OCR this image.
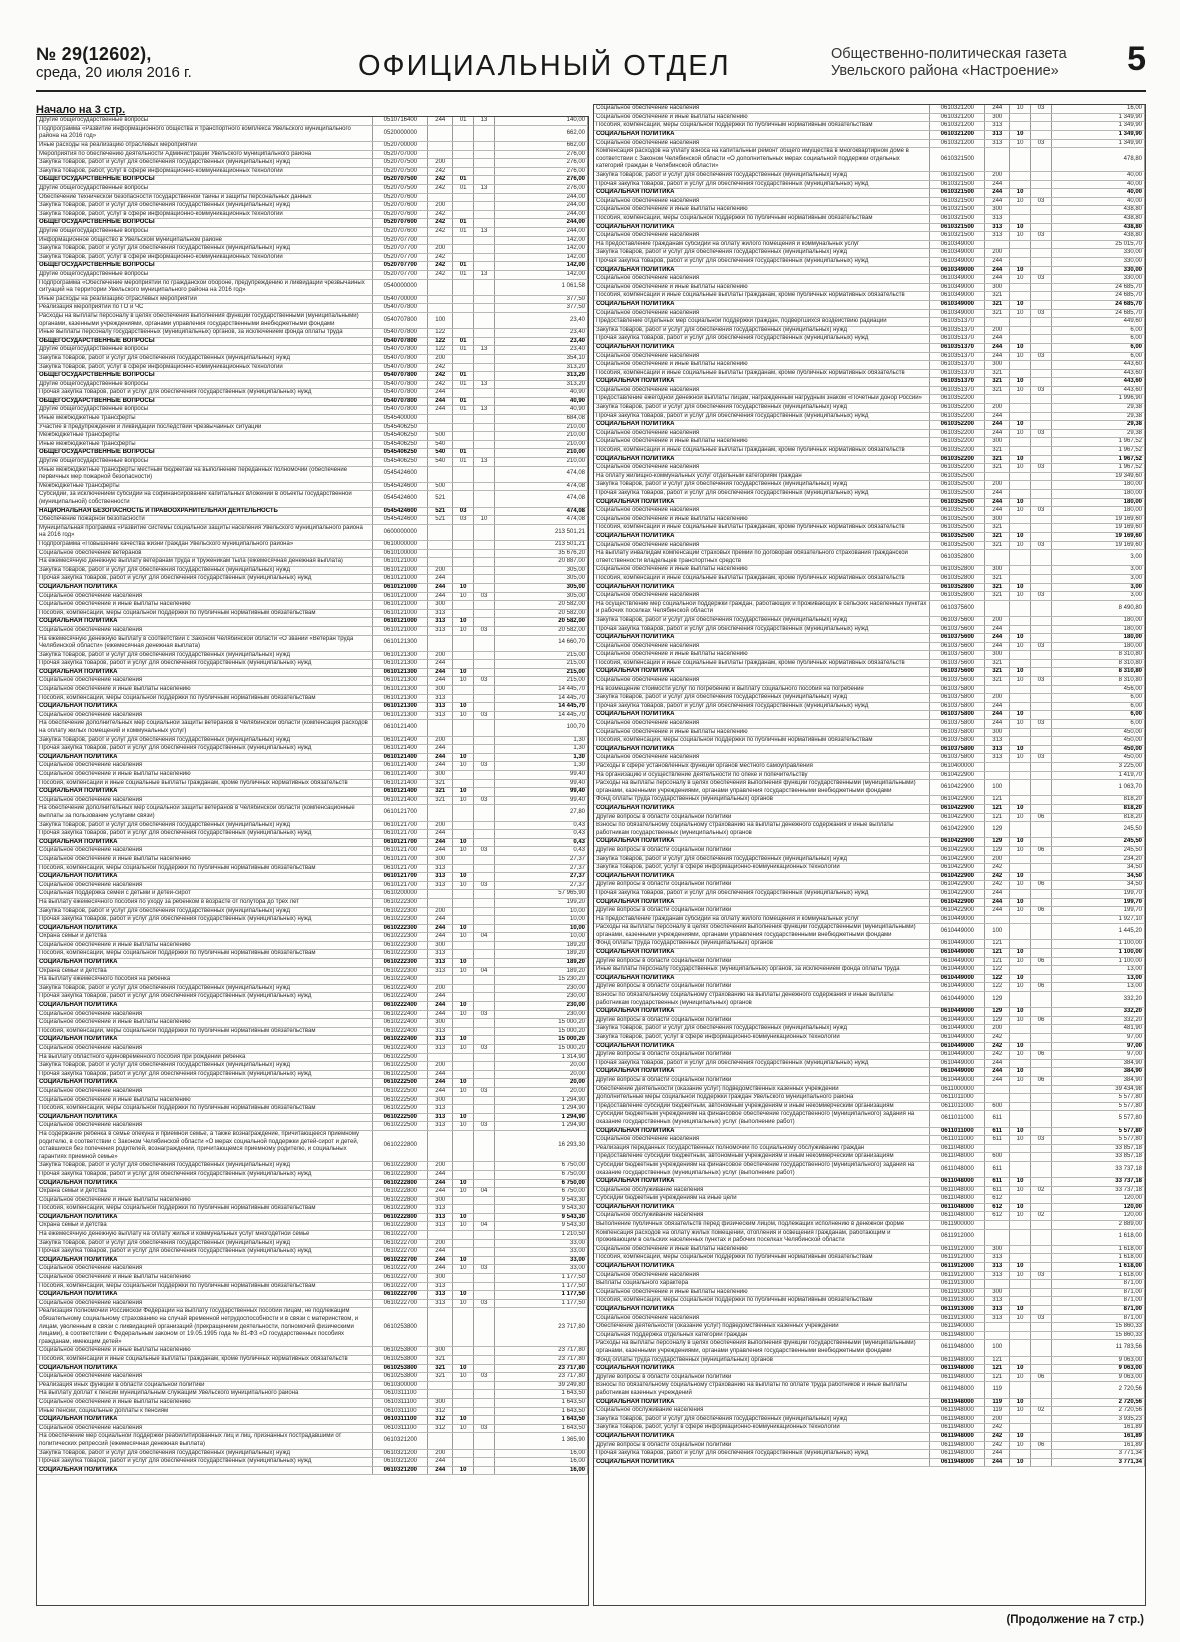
№ 29(12602),
среда, 20 июля 2016 г.	ОФИЦИАЛЬНЫЙ ОТДЕЛ	Общественно-политическая газета
Увельского района «Настроение»	5
Начало на 3 стр.
Другие общегосударственные вопросы	0510716400	244	01	13	140,00
Подпрограмма «Развитие информационного общества и транспортного комплекса Увельского муниципального района на 2016 год»	0520000000				662,00
Иные расходы на реализацию отраслевых мероприятий	0520700000				662,00
Мероприятия по обеспечению деятельности Администрации Увельского муниципального района	0520707000				276,00
Закупка товаров, работ и услуг для обеспечения государственных (муниципальных) нужд	0520707500	200			276,00
Закупка товаров, работ, услуг в сфере информационно-коммуникационных технологий	0520707500	242			276,00
ОБЩЕГОСУДАРСТВЕННЫЕ ВОПРОСЫ	0520707500	242	01		276,00
Другие общегосударственные вопросы	0520707500	242	01	13	276,00
Обеспечение технической безопасности государственной тайны и защиты персональных данных	0520707600				244,00
Закупка товаров, работ и услуг для обеспечения государственных (муниципальных) нужд	0520707600	200			244,00
Закупка товаров, работ, услуг в сфере информационно-коммуникационных технологий	0520707600	242			244,00
ОБЩЕГОСУДАРСТВЕННЫЕ ВОПРОСЫ	0520707600	242	01		244,00
Другие общегосударственные вопросы	0520707600	242	01	13	244,00
Информационное общество в Увельском муниципальном районе	0520707700				142,00
Закупка товаров, работ и услуг для обеспечения государственных (муниципальных) нужд	0520707700	200			142,00
Закупка товаров, работ, услуг в сфере информационно-коммуникационных технологий	0520707700	242			142,00
ОБЩЕГОСУДАРСТВЕННЫЕ ВОПРОСЫ	0520707700	242	01		142,00
Другие общегосударственные вопросы	0520707700	242	01	13	142,00
Подпрограмма «Обеспечение мероприятий по гражданской обороне, предупреждению и ликвидации чрезвычайных ситуаций на территории Увельского муниципального района на 2016 год»	0540000000				1 061,58
Иные расходы на реализацию отраслевых мероприятий	0540700000				377,50
Реализация мероприятий по ГО и ЧС	0540707800				377,50
Расходы на выплаты персоналу в целях обеспечения выполнения функций государственными (муниципальными) органами, казенными учреждениями, органами управления государственными внебюджетными фондами	0540707800	100			23,40
Иные выплаты персоналу государственных (муниципальных) органов, за исключением фонда оплаты труда	0540707800	122			23,40
ОБЩЕГОСУДАРСТВЕННЫЕ ВОПРОСЫ	0540707800	122	01		23,40
Другие общегосударственные вопросы	0540707800	122	01	13	23,40
Закупка товаров, работ и услуг для обеспечения государственных (муниципальных) нужд	0540707800	200			354,10
Закупка товаров, работ, услуг в сфере информационно-коммуникационных технологий	0540707800	242			313,20
ОБЩЕГОСУДАРСТВЕННЫЕ ВОПРОСЫ	0540707800	242	01		313,20
Другие общегосударственные вопросы	0540707800	242	01	13	313,20
Прочая закупка товаров, работ и услуг для обеспечения государственных (муниципальных) нужд	0540707800	244			40,90
ОБЩЕГОСУДАРСТВЕННЫЕ ВОПРОСЫ	0540707800	244	01		40,90
Другие общегосударственные вопросы	0540707800	244	01	13	40,90
Иные межбюджетные трансферты	0545400000				684,08
Участие в предупреждении и ликвидации последствий чрезвычайных ситуаций	0545406250				210,00
Межбюджетные трансферты	0545406250	500			210,00
Иные межбюджетные трансферты	0545406250	540			210,00
ОБЩЕГОСУДАРСТВЕННЫЕ ВОПРОСЫ	0545406250	540	01		210,00
Другие общегосударственные вопросы	0545406250	540	01	13	210,00
Иные межбюджетные трансферты местным бюджетам на выполнение переданных полномочий (обеспечение первичных мер пожарной безопасности)	0545424600				474,08
Межбюджетные трансферты	0545424600	500			474,08
Субсидии, за исключением субсидий на софинансирование капитальных вложений в объекты государственной (муниципальной) собственности	0545424600	521			474,08
НАЦИОНАЛЬНАЯ БЕЗОПАСНОСТЬ И ПРАВООХРАНИТЕЛЬНАЯ ДЕЯТЕЛЬНОСТЬ	0545424600	521	03		474,08
Обеспечение пожарной безопасности	0545424600	521	03	10	474,08
Муниципальная программа «Развитие системы социальной защиты населения Увельского муниципального района на 2016 год»	0600000000				213 501,21
Подпрограмма «Повышение качества жизни граждан Увельского муниципального района»	0610000000				213 501,21
Социальное обеспечение ветеранов	0610100000				35 676,20
На ежемесячную денежную выплату ветеранам труда и труженикам тыла (ежемесячная денежная выплата)	0610121000				20 887,00
Закупка товаров, работ и услуг для обеспечения государственных (муниципальных) нужд	0610121000	200			305,00
Прочая закупка товаров, работ и услуг для обеспечения государственных (муниципальных) нужд	0610121000	244			305,00
СОЦИАЛЬНАЯ ПОЛИТИКА	0610121000	244	10		305,00
Социальное обеспечение населения	0610121000	244	10	03	305,00
Социальное обеспечение и иные выплаты населению	0610121000	300			20 582,00
Пособия, компенсации, меры социальной поддержки по публичным нормативным обязательствам	0610121000	313			20 582,00
СОЦИАЛЬНАЯ ПОЛИТИКА	0610121000	313	10		20 582,00
Социальное обеспечение населения	0610121000	313	10	03	20 582,00
На ежемесячную денежную выплату в соответствии с Законом Челябинской области «О звании «Ветеран труда Челябинской области» (ежемесячная денежная выплата)	0610121300				14 660,70
Закупка товаров, работ и услуг для обеспечения государственных (муниципальных) нужд	0610121300	200			215,00
Прочая закупка товаров, работ и услуг для обеспечения государственных (муниципальных) нужд	0610121300	244			215,00
СОЦИАЛЬНАЯ ПОЛИТИКА	0610121300	244	10		215,00
Социальное обеспечение населения	0610121300	244	10	03	215,00
Социальное обеспечение и иные выплаты населению	0610121300	300			14 445,70
Пособия, компенсации, меры социальной поддержки по публичным нормативным обязательствам	0610121300	313			14 445,70
СОЦИАЛЬНАЯ ПОЛИТИКА	0610121300	313	10		14 445,70
Социальное обеспечение населения	0610121300	313	10	03	14 445,70
На обеспечение дополнительных мер социальной защиты ветеранов в Челябинской области (компенсация расходов на оплату жилых помещений и коммунальных услуг)	0610121400				100,70
Закупка товаров, работ и услуг для обеспечения государственных (муниципальных) нужд	0610121400	200			1,30
Прочая закупка товаров, работ и услуг для обеспечения государственных (муниципальных) нужд	0610121400	244			1,30
СОЦИАЛЬНАЯ ПОЛИТИКА	0610121400	244	10		1,30
Социальное обеспечение населения	0610121400	244	10	03	1,30
Социальное обеспечение и иные выплаты населению	0610121400	300			99,40
Пособия, компенсации и иные социальные выплаты гражданам, кроме публичных нормативных обязательств	0610121400	321			99,40
СОЦИАЛЬНАЯ ПОЛИТИКА	0610121400	321	10		99,40
Социальное обеспечение населения	0610121400	321	10	03	99,40
На обеспечение дополнительных мер социальной защиты ветеранов в Челябинской области (компенсационные выплаты за пользование услугами связи)	0610121700				27,80
Закупка товаров, работ и услуг для обеспечения государственных (муниципальных) нужд	0610121700	200			0,43
Прочая закупка товаров, работ и услуг для обеспечения государственных (муниципальных) нужд	0610121700	244			0,43
СОЦИАЛЬНАЯ ПОЛИТИКА	0610121700	244	10		0,43
Социальное обеспечение населения	0610121700	244	10	03	0,43
Социальное обеспечение и иные выплаты населению	0610121700	300			27,37
Пособия, компенсации, меры социальной поддержки по публичным нормативным обязательствам	0610121700	313			27,37
СОЦИАЛЬНАЯ ПОЛИТИКА	0610121700	313	10		27,37
Социальное обеспечение населения	0610121700	313	10	03	27,37
Социальная поддержка семей с детьми и детей-сирот	0610200000				57 965,90
На выплату ежемесячного пособия по уходу за ребенком в возрасте от полутора до трех лет	0610222300				199,20
Закупка товаров, работ и услуг для обеспечения государственных (муниципальных) нужд	0610222300	200			10,00
Прочая закупка товаров, работ и услуг для обеспечения государственных (муниципальных) нужд	0610222300	244			10,00
СОЦИАЛЬНАЯ ПОЛИТИКА	0610222300	244	10		10,00
Охрана семьи и детства	0610222300	244	10	04	10,00
Социальное обеспечение и иные выплаты населению	0610222300	300			189,20
Пособия, компенсации, меры социальной поддержки по публичным нормативным обязательствам	0610222300	313			189,20
СОЦИАЛЬНАЯ ПОЛИТИКА	0610222300	313	10		189,20
Охрана семьи и детства	0610222300	313	10	04	189,20
На выплату ежемесячного пособия на ребенка	0610222400				15 230,20
Закупка товаров, работ и услуг для обеспечения государственных (муниципальных) нужд	0610222400	200			230,00
Прочая закупка товаров, работ и услуг для обеспечения государственных (муниципальных) нужд	0610222400	244			230,00
СОЦИАЛЬНАЯ ПОЛИТИКА	0610222400	244	10		230,00
Социальное обеспечение населения	0610222400	244	10	03	230,00
Социальное обеспечение и иные выплаты населению	0610222400	300			15 000,20
Пособия, компенсации, меры социальной поддержки по публичным нормативным обязательствам	0610222400	313			15 000,20
СОЦИАЛЬНАЯ ПОЛИТИКА	0610222400	313	10		15 000,20
Социальное обеспечение населения	0610222400	313	10	03	15 000,20
На выплату областного единовременного пособия при рождении ребенка	0610222500				1 314,90
Закупка товаров, работ и услуг для обеспечения государственных (муниципальных) нужд	0610222500	200			20,00
Прочая закупка товаров, работ и услуг для обеспечения государственных (муниципальных) нужд	0610222500	244			20,00
СОЦИАЛЬНАЯ ПОЛИТИКА	0610222500	244	10		20,00
Социальное обеспечение населения	0610222500	244	10	03	20,00
Социальное обеспечение и иные выплаты населению	0610222500	300			1 294,90
Пособия, компенсации, меры социальной поддержки по публичным нормативным обязательствам	0610222500	313			1 294,90
СОЦИАЛЬНАЯ ПОЛИТИКА	0610222500	313	10		1 294,90
Социальное обеспечение населения	0610222500	313	10	03	1 294,90
На содержание ребенка в семье опекуна и приемной семье, а также вознаграждение, причитающееся приемному родителю, в соответствии с Законом Челябинской области «О мерах социальной поддержки детей-сирот и детей, оставшихся без попечения родителей, вознаграждении, причитающемся приемному родителю, и социальных гарантиях приемной семье»	0610222800				16 293,30
Закупка товаров, работ и услуг для обеспечения государственных (муниципальных) нужд	0610222800	200			6 750,00
Прочая закупка товаров, работ и услуг для обеспечения государственных (муниципальных) нужд	0610222800	244			6 750,00
СОЦИАЛЬНАЯ ПОЛИТИКА	0610222800	244	10		6 750,00
Охрана семьи и детства	0610222800	244	10	04	6 750,00
Социальное обеспечение и иные выплаты населению	0610222800	300			9 543,30
Пособия, компенсации, меры социальной поддержки по публичным нормативным обязательствам	0610222800	313			9 543,30
СОЦИАЛЬНАЯ ПОЛИТИКА	0610222800	313	10		9 543,30
Охрана семьи и детства	0610222800	313	10	04	9 543,30
На ежемесячную денежную выплату на оплату жилья и коммунальных услуг многодетной семье	0610222700				1 210,50
Закупка товаров, работ и услуг для обеспечения государственных (муниципальных) нужд	0610222700	200			33,00
Прочая закупка товаров, работ и услуг для обеспечения государственных (муниципальных) нужд	0610222700	244			33,00
СОЦИАЛЬНАЯ ПОЛИТИКА	0610222700	244	10		33,00
Социальное обеспечение населения	0610222700	244	10	03	33,00
Социальное обеспечение и иные выплаты населению	0610222700	300			1 177,50
Пособия, компенсации, меры социальной поддержки по публичным нормативным обязательствам	0610222700	313			1 177,50
СОЦИАЛЬНАЯ ПОЛИТИКА	0610222700	313	10		1 177,50
Социальное обеспечение населения	0610222700	313	10	03	1 177,50
Реализация полномочий Российской Федерации на выплату государственных пособий лицам, не подлежащим обязательному социальному страхованию на случай временной нетрудоспособности и в связи с материнством, и лицам, уволенным в связи с ликвидацией организаций (прекращением деятельности, полномочий физическими лицами), в соответствии с Федеральным законом от 19.05.1995 года № 81-ФЗ «О государственных пособиях гражданам, имеющим детей»	0610253800				23 717,80
Социальное обеспечение и иные выплаты населению	0610253800	300			23 717,80
Пособия, компенсации и иные социальные выплаты гражданам, кроме публичных нормативных обязательств	0610253800	321			23 717,80
СОЦИАЛЬНАЯ ПОЛИТИКА	0610253800	321	10		23 717,80
Социальное обеспечение населения	0610253800	321	10	03	23 717,80
Реализация иных функций в области социальной политики	0610300000				39 249,80
На выплату доплат к пенсии муниципальным служащим Увельского муниципального района	0610311100				1 643,50
Социальное обеспечение и иные выплаты населению	0610311100	300			1 643,50
Иные пенсии, социальные доплаты к пенсиям	0610311100	312			1 643,50
СОЦИАЛЬНАЯ ПОЛИТИКА	0610311100	312	10		1 643,50
Социальное обеспечение населения	0610311100	312	10	03	1 643,50
На обеспечение мер социальной поддержки реабилитированных лиц и лиц, признанных пострадавшими от политических репрессий (ежемесячная денежная выплата)	0610321200				1 365,90
Закупка товаров, работ и услуг для обеспечения государственных (муниципальных) нужд	0610321200	200			16,00
Прочая закупка товаров, работ и услуг для обеспечения государственных (муниципальных) нужд	0610321200	244			16,00
СОЦИАЛЬНАЯ ПОЛИТИКА	0610321200	244	10		16,00
Социальное обеспечение населения	0610321200	244	10	03	16,00
Социальное обеспечение и иные выплаты населению	0610321200	300			1 349,90
Пособия, компенсации, меры социальной поддержки по публичным нормативным обязательствам	0610321200	313			1 349,90
СОЦИАЛЬНАЯ ПОЛИТИКА	0610321200	313	10		1 349,90
Социальное обеспечение населения	0610321200	313	10	03	1 349,90
Компенсация расходов на уплату взноса на капитальный ремонт общего имущества в многоквартирном доме в соответствии с Законом Челябинской области «О дополнительных мерах социальной поддержки отдельных категорий граждан в Челябинской области»	0610321500				478,80
Закупка товаров, работ и услуг для обеспечения государственных (муниципальных) нужд	0610321500	200			40,00
Прочая закупка товаров, работ и услуг для обеспечения государственных (муниципальных) нужд	0610321500	244			40,00
СОЦИАЛЬНАЯ ПОЛИТИКА	0610321500	244	10		40,00
Социальное обеспечение населения	0610321500	244	10	03	40,00
Социальное обеспечение и иные выплаты населению	0610321500	300			438,80
Пособия, компенсации, меры социальной поддержки по публичным нормативным обязательствам	0610321500	313			438,80
СОЦИАЛЬНАЯ ПОЛИТИКА	0610321500	313	10		438,80
Социальное обеспечение населения	0610321500	313	10	03	438,80
На предоставление гражданам субсидий на оплату жилого помещения и коммунальных услуг	0610349000				25 015,70
Закупка товаров, работ и услуг для обеспечения государственных (муниципальных) нужд	0610349000	200			330,00
Прочая закупка товаров, работ и услуг для обеспечения государственных (муниципальных) нужд	0610349000	244			330,00
СОЦИАЛЬНАЯ ПОЛИТИКА	0610349000	244	10		330,00
Социальное обеспечение населения	0610349000	244	10	03	330,00
Социальное обеспечение и иные выплаты населению	0610349000	300			24 685,70
Пособия, компенсации и иные социальные выплаты гражданам, кроме публичных нормативных обязательств	0610349000	321			24 685,70
СОЦИАЛЬНАЯ ПОЛИТИКА	0610349000	321	10		24 685,70
Социальное обеспечение населения	0610349000	321	10	03	24 685,70
Предоставление отдельных мер социальной поддержки граждан, подвергшихся воздействию радиации	0610351370				449,60
Закупка товаров, работ и услуг для обеспечения государственных (муниципальных) нужд	0610351370	200			6,00
Прочая закупка товаров, работ и услуг для обеспечения государственных (муниципальных) нужд	0610351370	244			6,00
СОЦИАЛЬНАЯ ПОЛИТИКА	0610351370	244	10		6,00
Социальное обеспечение населения	0610351370	244	10	03	6,00
Социальное обеспечение и иные выплаты населению	0610351370	300			443,60
Пособия, компенсации и иные социальные выплаты гражданам, кроме публичных нормативных обязательств	0610351370	321			443,60
СОЦИАЛЬНАЯ ПОЛИТИКА	0610351370	321	10		443,60
Социальное обеспечение населения	0610351370	321	10	03	443,60
Предоставление ежегодной денежной выплаты лицам, награжденным нагрудным знаком «Почетный донор России»	0610352200				1 996,90
Закупка товаров, работ и услуг для обеспечения государственных (муниципальных) нужд	0610352200	200			29,38
Прочая закупка товаров, работ и услуг для обеспечения государственных (муниципальных) нужд	0610352200	244			29,38
СОЦИАЛЬНАЯ ПОЛИТИКА	0610352200	244	10		29,38
Социальное обеспечение населения	0610352200	244	10	03	29,38
Социальное обеспечение и иные выплаты населению	0610352200	300			1 967,52
Пособия, компенсации и иные социальные выплаты гражданам, кроме публичных нормативных обязательств	0610352200	321			1 967,52
СОЦИАЛЬНАЯ ПОЛИТИКА	0610352200	321	10		1 967,52
Социальное обеспечение населения	0610352200	321	10	03	1 967,52
На оплату жилищно-коммунальных услуг отдельным категориям граждан	0610352500				19 349,60
Закупка товаров, работ и услуг для обеспечения государственных (муниципальных) нужд	0610352500	200			180,00
Прочая закупка товаров, работ и услуг для обеспечения государственных (муниципальных) нужд	0610352500	244			180,00
СОЦИАЛЬНАЯ ПОЛИТИКА	0610352500	244	10		180,00
Социальное обеспечение населения	0610352500	244	10	03	180,00
Социальное обеспечение и иные выплаты населению	0610352500	300			19 169,60
Пособия, компенсации и иные социальные выплаты гражданам, кроме публичных нормативных обязательств	0610352500	321			19 169,60
СОЦИАЛЬНАЯ ПОЛИТИКА	0610352500	321	10		19 169,60
Социальное обеспечение населения	0610352500	321	10	03	19 169,60
На выплату инвалидам компенсаций страховых премий по договорам обязательного страхования гражданской ответственности владельцев транспортных средств	0610352800				3,00
Социальное обеспечение и иные выплаты населению	0610352800	300			3,00
Пособия, компенсации и иные социальные выплаты гражданам, кроме публичных нормативных обязательств	0610352800	321			3,00
СОЦИАЛЬНАЯ ПОЛИТИКА	0610352800	321	10		3,00
Социальное обеспечение населения	0610352800	321	10	03	3,00
На осуществление мер социальной поддержки граждан, работающих и проживающих в сельских населенных пунктах и рабочих поселках Челябинской области	0610375600				8 490,80
Закупка товаров, работ и услуг для обеспечения государственных (муниципальных) нужд	0610375600	200			180,00
Прочая закупка товаров, работ и услуг для обеспечения государственных (муниципальных) нужд	0610375600	244			180,00
СОЦИАЛЬНАЯ ПОЛИТИКА	0610375600	244	10		180,00
Социальное обеспечение населения	0610375600	244	10	03	180,00
Социальное обеспечение и иные выплаты населению	0610375600	300			8 310,80
Пособия, компенсации и иные социальные выплаты гражданам, кроме публичных нормативных обязательств	0610375600	321			8 310,80
СОЦИАЛЬНАЯ ПОЛИТИКА	0610375600	321	10		8 310,80
Социальное обеспечение населения	0610375600	321	10	03	8 310,80
На возмещение стоимости услуг по погребению и выплату социального пособия на погребение	0610375800				456,00
Закупка товаров, работ и услуг для обеспечения государственных (муниципальных) нужд	0610375800	200			6,00
Прочая закупка товаров, работ и услуг для обеспечения государственных (муниципальных) нужд	0610375800	244			6,00
СОЦИАЛЬНАЯ ПОЛИТИКА	0610375800	244	10		6,00
Социальное обеспечение населения	0610375800	244	10	03	6,00
Социальное обеспечение и иные выплаты населению	0610375800	300			450,00
Пособия, компенсации, меры социальной поддержки по публичным нормативным обязательствам	0610375800	313			450,00
СОЦИАЛЬНАЯ ПОЛИТИКА	0610375800	313	10		450,00
Социальное обеспечение населения	0610375800	313	10	03	450,00
Расходы в сфере установленных функций органов местного самоуправления	0610400000				3 225,00
На организацию и осуществление деятельности по опеке и попечительству	0610422900				1 419,70
Расходы на выплаты персоналу в целях обеспечения выполнения функций государственными (муниципальными) органами, казенными учреждениями, органами управления государственными внебюджетными фондами	0610422900	100			1 063,70
Фонд оплаты труда государственных (муниципальных) органов	0610422900	121			818,20
СОЦИАЛЬНАЯ ПОЛИТИКА	0610422900	121	10		818,20
Другие вопросы в области социальной политики	0610422900	121	10	06	818,20
Взносы по обязательному социальному страхованию на выплаты денежного содержания и иные выплаты работникам государственных (муниципальных) органов	0610422900	129			245,50
СОЦИАЛЬНАЯ ПОЛИТИКА	0610422900	129	10		245,50
Другие вопросы в области социальной политики	0610422900	129	10	06	245,50
Закупка товаров, работ и услуг для обеспечения государственных (муниципальных) нужд	0610422900	200			234,20
Закупка товаров, работ, услуг в сфере информационно-коммуникационных технологий	0610422900	242			34,50
СОЦИАЛЬНАЯ ПОЛИТИКА	0610422900	242	10		34,50
Другие вопросы в области социальной политики	0610422900	242	10	06	34,50
Прочая закупка товаров, работ и услуг для обеспечения государственных (муниципальных) нужд	0610422900	244			199,70
СОЦИАЛЬНАЯ ПОЛИТИКА	0610422900	244	10		199,70
Другие вопросы в области социальной политики	0610422900	244	10	06	199,70
На предоставление гражданам субсидий на оплату жилого помещения и коммунальных услуг	0610449000				1 927,10
Расходы на выплаты персоналу в целях обеспечения выполнения функций государственными (муниципальными) органами, казенными учреждениями, органами управления государственными внебюджетными фондами	0610449000	100			1 445,20
Фонд оплаты труда государственных (муниципальных) органов	0610449000	121			1 100,00
СОЦИАЛЬНАЯ ПОЛИТИКА	0610449000	121	10		1 100,00
Другие вопросы в области социальной политики	0610449000	121	10	06	1 100,00
Иные выплаты персоналу государственных (муниципальных) органов, за исключением фонда оплаты труда	0610449000	122			13,00
СОЦИАЛЬНАЯ ПОЛИТИКА	0610449000	122	10		13,00
Другие вопросы в области социальной политики	0610449000	122	10	06	13,00
Взносы по обязательному социальному страхованию на выплаты денежного содержания и иные выплаты работникам государственных (муниципальных) органов	0610449000	129			332,20
СОЦИАЛЬНАЯ ПОЛИТИКА	0610449000	129	10		332,20
Другие вопросы в области социальной политики	0610449000	129	10	06	332,20
Закупка товаров, работ и услуг для обеспечения государственных (муниципальных) нужд	0610449000	200			481,90
Закупка товаров, работ, услуг в сфере информационно-коммуникационных технологий	0610449000	242			97,00
СОЦИАЛЬНАЯ ПОЛИТИКА	0610449000	242	10		97,00
Другие вопросы в области социальной политики	0610449000	242	10	06	97,00
Прочая закупка товаров, работ и услуг для обеспечения государственных (муниципальных) нужд	0610449000	244			384,90
СОЦИАЛЬНАЯ ПОЛИТИКА	0610449000	244	10		384,90
Другие вопросы в области социальной политики	0610449000	244	10	06	384,90
Обеспечение деятельности (оказание услуг) подведомственных казенных учреждений	0611000000				39 434,98
Дополнительные меры социальной поддержки граждан Увельского муниципального района	0611011000				5 577,80
Предоставление субсидий бюджетным, автономным учреждениям и иным некоммерческим организациям	0611011000	600			5 577,80
Субсидии бюджетным учреждениям на финансовое обеспечение государственного (муниципального) задания на оказание государственных (муниципальных) услуг (выполнение работ)	0611011000	611			5 577,80
СОЦИАЛЬНАЯ ПОЛИТИКА	0611011000	611	10		5 577,80
Социальное обеспечение населения	0611011000	611	10	03	5 577,80
Реализация переданных государственных полномочий по социальному обслуживанию граждан	0611048000				33 857,18
Предоставление субсидий бюджетным, автономным учреждениям и иным некоммерческим организациям	0611048000	600			33 857,18
Субсидии бюджетным учреждениям на финансовое обеспечение государственного (муниципального) задания на оказание государственных (муниципальных) услуг (выполнение работ)	0611048000	611			33 737,18
СОЦИАЛЬНАЯ ПОЛИТИКА	0611048000	611	10		33 737,18
Социальное обслуживание населения	0611048000	611	10	02	33 737,18
Субсидии бюджетным учреждениям на иные цели	0611048000	612			120,00
СОЦИАЛЬНАЯ ПОЛИТИКА	0611048000	612	10		120,00
Социальное обслуживание населения	0611048000	612	10	02	120,00
Выполнение публичных обязательств перед физическим лицом, подлежащих исполнению в денежной форме	0611900000				2 889,00
Компенсация расходов на оплату жилых помещений, отопления и освещения гражданам, работающим и проживающим в сельских населенных пунктах и рабочих поселках Челябинской области	0611912000				1 618,00
Социальное обеспечение и иные выплаты населению	0611912000	300			1 618,00
Пособия, компенсации, меры социальной поддержки по публичным нормативным обязательствам	0611912000	313			1 618,00
СОЦИАЛЬНАЯ ПОЛИТИКА	0611912000	313	10		1 618,00
Социальное обеспечение населения	0611912000	313	10	03	1 618,00
Выплаты социального характера	0611913000				871,00
Социальное обеспечение и иные выплаты населению	0611913000	300			871,00
Пособия, компенсации, меры социальной поддержки по публичным нормативным обязательствам	0611913000	313			871,00
СОЦИАЛЬНАЯ ПОЛИТИКА	0611913000	313	10		871,00
Социальное обеспечение населения	0611913000	313	10	03	871,00
Обеспечение деятельности (оказание услуг) подведомственных казенных учреждений	0611940000				15 860,33
Социальная поддержка отдельных категорий граждан	0611948000				15 860,33
Расходы на выплаты персоналу в целях обеспечения выполнения функций государственными (муниципальными) органами, казенными учреждениями, органами управления государственными внебюджетными фондами	0611948000	100			11 783,56
Фонд оплаты труда государственных (муниципальных) органов	0611948000	121			9 063,00
СОЦИАЛЬНАЯ ПОЛИТИКА	0611948000	121	10		9 063,00
Другие вопросы в области социальной политики	0611948000	121	10	06	9 063,00
Взносы по обязательному социальному страхованию на выплаты по оплате труда работников и иные выплаты работникам казенных учреждений	0611948000	119			2 720,56
СОЦИАЛЬНАЯ ПОЛИТИКА	0611948000	119	10		2 720,56
Социальное обслуживание населения	0611948000	119	10	02	2 720,56
Закупка товаров, работ и услуг для обеспечения государственных (муниципальных) нужд	0611948000	200			3 935,23
Закупка товаров, работ, услуг в сфере информационно-коммуникационных технологий	0611948000	242			161,89
СОЦИАЛЬНАЯ ПОЛИТИКА	0611948000	242	10		161,89
Другие вопросы в области социальной политики	0611948000	242	10	06	161,89
Прочая закупка товаров, работ и услуг для обеспечения государственных (муниципальных) нужд	0611948000	244			3 771,34
СОЦИАЛЬНАЯ ПОЛИТИКА	0611948000	244	10		3 771,34
(Продолжение на 7 стр.)
